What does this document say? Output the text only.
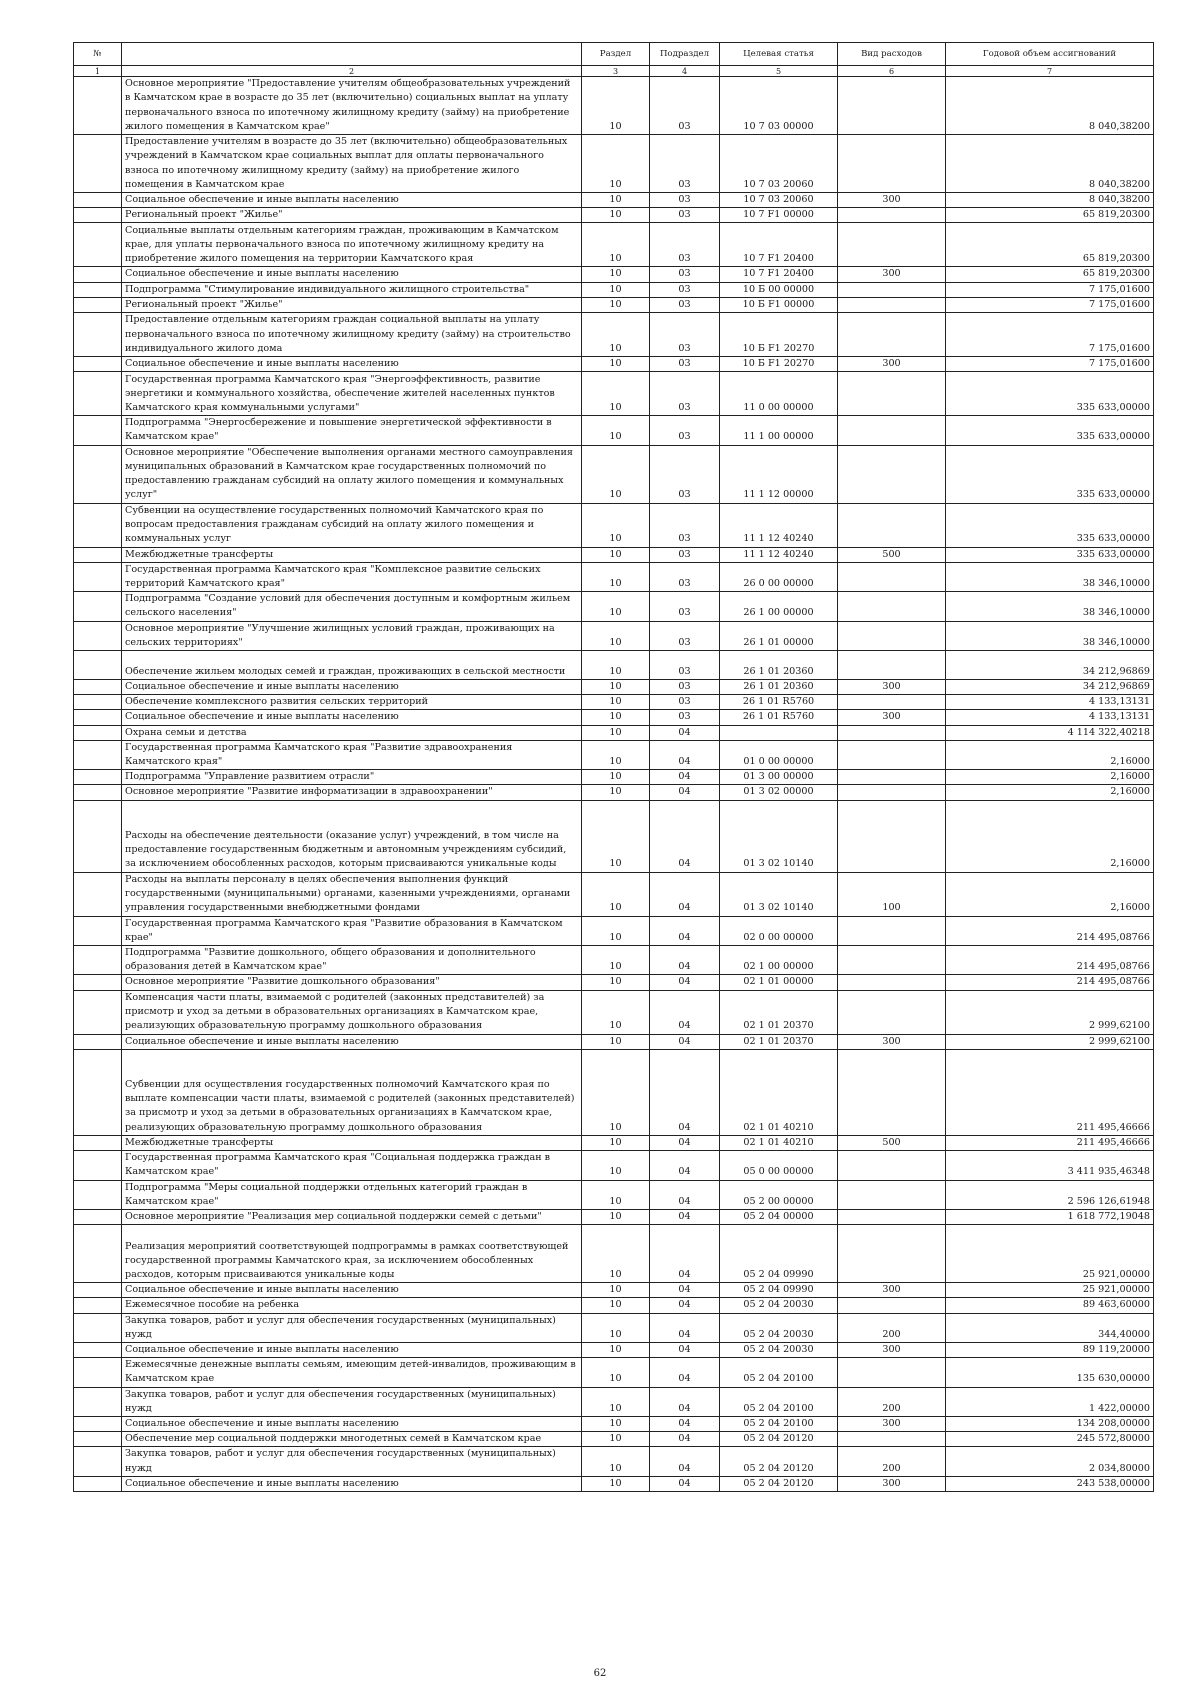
№		Раздел	Подраздел	Целевая статья	Вид расходов	Годовой объем ассигнований
1	2	3	4	5	6	7
	Основное мероприятие "Предоставление учителям общеобразовательных учреждений в Камчатском крае в возрасте до 35 лет (включительно) социальных выплат на уплату первоначального взноса по ипотечному жилищному кредиту (займу) на приобретение жилого помещения в Камчатском крае"	10	03	10 7 03 00000		8 040,38200
	Предоставление учителям в возрасте до 35 лет (включительно) общеобразовательных учреждений в Камчатском крае социальных выплат для оплаты первоначального взноса по ипотечному жилищному кредиту (займу) на приобретение жилого помещения в Камчатском крае	10	03	10 7 03 20060		8 040,38200
	Социальное обеспечение и иные выплаты населению	10	03	10 7 03 20060	300	8 040,38200
	Региональный проект "Жилье"	10	03	10 7 F1 00000		65 819,20300
	Социальные выплаты отдельным категориям граждан, проживающим в Камчатском крае, для уплаты первоначального взноса по ипотечному жилищному кредиту на приобретение жилого помещения на территории Камчатского края	10	03	10 7 F1 20400		65 819,20300
	Социальное обеспечение и иные выплаты населению	10	03	10 7 F1 20400	300	65 819,20300
	Подпрограмма "Стимулирование индивидуального жилищного строительства"	10	03	10 Б 00 00000		7 175,01600
	Региональный проект "Жилье"	10	03	10 Б F1 00000		7 175,01600
	Предоставление отдельным категориям граждан социальной выплаты на уплату первоначального взноса по ипотечному жилищному кредиту (займу) на строительство индивидуального жилого дома	10	03	10 Б F1 20270		7 175,01600
	Социальное обеспечение и иные выплаты населению	10	03	10 Б F1 20270	300	7 175,01600
	Государственная программа Камчатского края "Энергоэффективность, развитие энергетики и коммунального хозяйства, обеспечение жителей населенных пунктов Камчатского края коммунальными услугами"	10	03	11 0 00 00000		335 633,00000
	Подпрограмма "Энергосбережение и повышение энергетической эффективности в Камчатском крае"	10	03	11 1 00 00000		335 633,00000
	Основное мероприятие "Обеспечение выполнения органами местного самоуправления муниципальных образований в Камчатском крае государственных полномочий по предоставлению гражданам субсидий на оплату жилого помещения и коммунальных услуг"	10	03	11 1 12 00000		335 633,00000
	Субвенции на осуществление государственных полномочий Камчатского края по вопросам предоставления гражданам субсидий на оплату жилого помещения и коммунальных услуг	10	03	11 1 12 40240		335 633,00000
	Межбюджетные трансферты	10	03	11 1 12 40240	500	335 633,00000
	Государственная программа Камчатского края "Комплексное развитие сельских территорий Камчатского края"	10	03	26 0 00 00000		38 346,10000
	Подпрограмма "Создание условий для обеспечения доступным и комфортным жильем сельского населения"	10	03	26 1 00 00000		38 346,10000
	Основное мероприятие "Улучшение жилищных условий граждан, проживающих на сельских территориях"	10	03	26 1 01 00000		38 346,10000
	Обеспечение жильем молодых семей и граждан, проживающих в сельской местности	10	03	26 1 01 20360		34 212,96869
	Социальное обеспечение и иные выплаты населению	10	03	26 1 01 20360	300	34 212,96869
	Обеспечение комплексного развития сельских территорий	10	03	26 1 01 R5760		4 133,13131
	Социальное обеспечение и иные выплаты населению	10	03	26 1 01 R5760	300	4 133,13131
	Охрана семьи и детства	10	04			4 114 322,40218
	Государственная программа Камчатского края "Развитие здравоохранения Камчатского края"	10	04	01 0 00 00000		2,16000
	Подпрограмма "Управление развитием отрасли"	10	04	01 3 00 00000		2,16000
	Основное мероприятие "Развитие информатизации в здравоохранении"	10	04	01 3 02 00000		2,16000
	Расходы на обеспечение деятельности (оказание услуг) учреждений, в том числе на предоставление государственным бюджетным и автономным учреждениям субсидий, за исключением обособленных расходов, которым присваиваются уникальные коды	10	04	01 3 02 10140		2,16000
	Расходы на выплаты персоналу в целях обеспечения выполнения функций государственными (муниципальными) органами, казенными учреждениями, органами управления государственными внебюджетными фондами	10	04	01 3 02 10140	100	2,16000
	Государственная программа Камчатского края "Развитие образования в Камчатском крае"	10	04	02 0 00 00000		214 495,08766
	Подпрограмма "Развитие дошкольного, общего образования и дополнительного образования детей в Камчатском крае"	10	04	02 1 00 00000		214 495,08766
	Основное мероприятие "Развитие дошкольного образования"	10	04	02 1 01 00000		214 495,08766
	Компенсация части платы, взимаемой с родителей (законных представителей) за присмотр и уход за детьми в образовательных организациях в Камчатском крае, реализующих образовательную программу дошкольного образования	10	04	02 1 01 20370		2 999,62100
	Социальное обеспечение и иные выплаты населению	10	04	02 1 01 20370	300	2 999,62100
	Субвенции для осуществления государственных полномочий Камчатского края по выплате компенсации части платы, взимаемой с родителей (законных представителей) за присмотр и уход за детьми в образовательных организациях в Камчатском крае, реализующих образовательную программу дошкольного образования	10	04	02 1 01 40210		211 495,46666
	Межбюджетные трансферты	10	04	02 1 01 40210	500	211 495,46666
	Государственная программа Камчатского края "Социальная поддержка граждан в Камчатском крае"	10	04	05 0 00 00000		3 411 935,46348
	Подпрограмма "Меры социальной поддержки отдельных категорий граждан в Камчатском крае"	10	04	05 2 00 00000		2 596 126,61948
	Основное мероприятие "Реализация мер социальной поддержки семей с детьми"	10	04	05 2 04 00000		1 618 772,19048
	Реализация мероприятий соответствующей подпрограммы в рамках соответствующей государственной программы Камчатского края, за исключением обособленных расходов, которым присваиваются уникальные коды	10	04	05 2 04 09990		25 921,00000
	Социальное обеспечение и иные выплаты населению	10	04	05 2 04 09990	300	25 921,00000
	Ежемесячное пособие на ребенка	10	04	05 2 04 20030		89 463,60000
	Закупка товаров, работ и услуг для обеспечения государственных (муниципальных) нужд	10	04	05 2 04 20030	200	344,40000
	Социальное обеспечение и иные выплаты населению	10	04	05 2 04 20030	300	89 119,20000
	Ежемесячные денежные выплаты семьям, имеющим детей-инвалидов, проживающим в Камчатском крае	10	04	05 2 04 20100		135 630,00000
	Закупка товаров, работ и услуг для обеспечения государственных (муниципальных) нужд	10	04	05 2 04 20100	200	1 422,00000
	Социальное обеспечение и иные выплаты населению	10	04	05 2 04 20100	300	134 208,00000
	Обеспечение мер социальной поддержки многодетных семей в Камчатском крае	10	04	05 2 04 20120		245 572,80000
	Закупка товаров, работ и услуг для обеспечения государственных (муниципальных) нужд	10	04	05 2 04 20120	200	2 034,80000
	Социальное обеспечение и иные выплаты населению	10	04	05 2 04 20120	300	243 538,00000
62
